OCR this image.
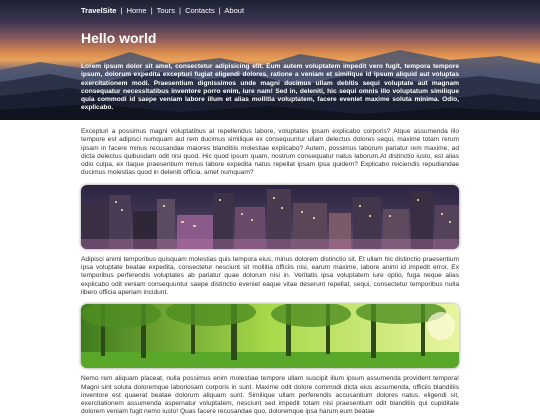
TravelSite | Home | Tours | Contacts | About
Hello world

Lorem ipsum dolor sit amet, consectetur adipisicing elit. Eum autem voluptatem impedit vero fugit, tempora tempore ipsum, dolorum expedita excepturi fugiat eligendi dolores, ratione a veniam et similique id ipsum aliquid aut voluptas exercitationem modi. Praesentium dignissimos unde magni ducimus ullam debitis sequi voluptate aut magnam consequatur necessitatibus inventore porro enim, iure nam! Sed in, deleniti, hic sequi omnis illo voluptatum similique quia commodi id saepe veniam labore illum et alias mollitia voluptatem, facere eveniet maxime soluta minima. Odio, explicabo.

Excepturi a possimus magni voluptatibus at repellendus labore, voluptates ipsam explicabo corporis? Atque assumenda illo tempore est adipisci numquam aut rem ducimus similique ex consequuntur ullam delectus dolores sequi, maxime totam rerum ipsam in facere minus recusandae maiores blanditiis molestiae explicabo? Autem, possimus laborum pariatur rem maxime, ad dicta delectus quibusdam odit nisi quod. Hic quod ipsum quam, nostrum consequatur natus laborum.At distinctio iusto, est alias odio culpa, ex itaque praesentium minus labore expedita natus repellat ipsam ipsa quidem? Explicabo reiciendis repudiandae ducimus molestias quod in deleniti officia, amet numquam?

Adipisci animi temporibus quisquam molestias quis tempora eius, minus dolorem distinctio sit. Et ullam hic distinctio praesentium ipsa voluptate beatae expedita, consectetur nesciunt sit mollitia officiis nisi, earum maxime, labore animi id impedit error. Ex temporibus perferendis voluptates ab pariatur quae dolorum nisi in. Veritatis ipsa voluptatem iure optio, fuga neque alias explicabo odit veniam consequuntur saepe distinctio eveniet eaque vitae deserunt repellat, sequi, consectetur temporibus nulla libero officia aperiam incidunt.

Nemo rem aliquam placeat, nulla possimus enim molestiae tempore ullam suscipit illum ipsum assumenda provident tempora! Magni sint soluta doloremque laboriosam corporis in sunt. Maxime odit dolore commodi dicta eius assumenda, officiis blanditiis inventore est quaerat beatae dolorum aliquam sunt. Similique ullam perferendis accusantium dolores natus, eligendi sit, exercitationem assumenda aspernatur voluptatem, nesciunt sed impedit totam nisi praesentium odit blanditiis qui cupiditate dolorem veniam fugit nemo iusto! Quas facere recusandae quo, doloremque ipsa harum eum beatae
